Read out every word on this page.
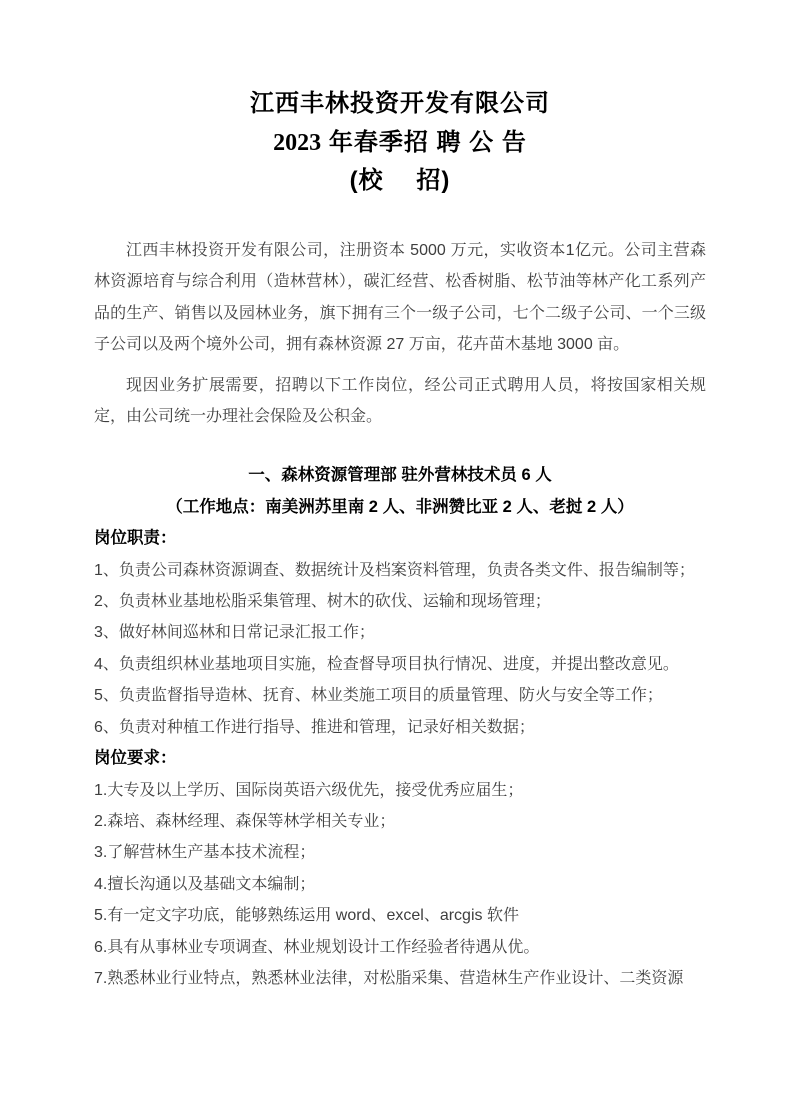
江西丰林投资开发有限公司
2023 年春季招 聘 公 告
(校　 招)

江西丰林投资开发有限公司，注册资本 5000 万元，实收资本1亿元。公司主营森林资源培育与综合利用（造林营林），碳汇经营、松香树脂、松节油等林产化工系列产品的生产、销售以及园林业务，旗下拥有三个一级子公司，七个二级子公司、一个三级子公司以及两个境外公司，拥有森林资源 27 万亩，花卉苗木基地 3000 亩。

现因业务扩展需要，招聘以下工作岗位，经公司正式聘用人员，将按国家相关规定，由公司统一办理社会保险及公积金。

一、森林资源管理部 驻外营林技术员 6 人
（工作地点：南美洲苏里南 2 人、非洲赞比亚 2 人、老挝 2 人）
岗位职责：
1、负责公司森林资源调查、数据统计及档案资料管理，负责各类文件、报告编制等；
2、负责林业基地松脂采集管理、树木的砍伐、运输和现场管理；
3、做好林间巡林和日常记录汇报工作；
4、负责组织林业基地项目实施，检查督导项目执行情况、进度，并提出整改意见。
5、负责监督指导造林、抚育、林业类施工项目的质量管理、防火与安全等工作；
6、负责对种植工作进行指导、推进和管理，记录好相关数据；
岗位要求：
1.大专及以上学历、国际岗英语六级优先，接受优秀应届生；
2.森培、森林经理、森保等林学相关专业；
3.了解营林生产基本技术流程；
4.擅长沟通以及基础文本编制；
5.有一定文字功底，能够熟练运用 word、excel、arcgis 软件
6.具有从事林业专项调查、林业规划设计工作经验者待遇从优。
7.熟悉林业行业特点，熟悉林业法律，对松脂采集、营造林生产作业设计、二类资源
